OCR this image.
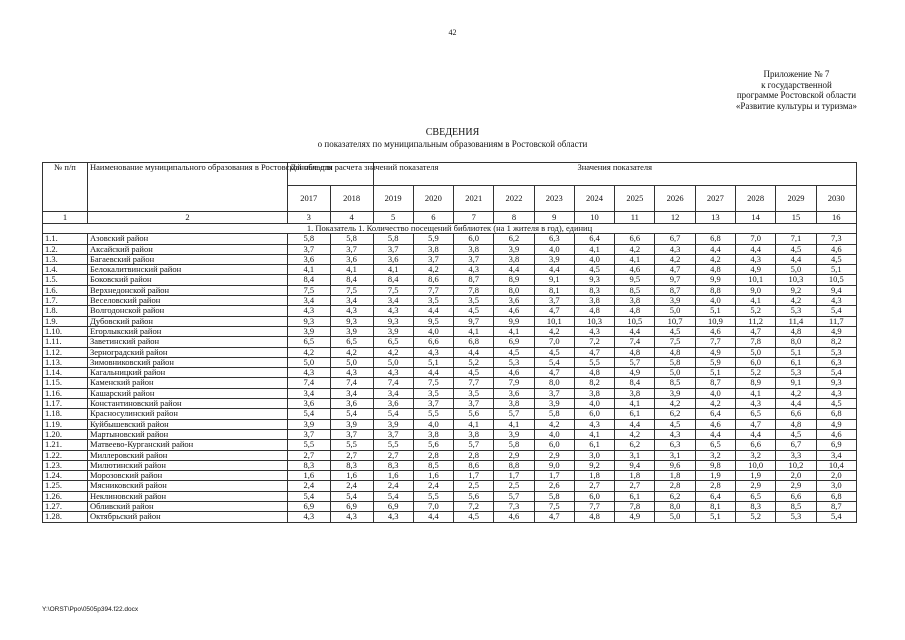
42
Приложение № 7
к государственной
программе Ростовской области
«Развитие культуры и туризма»
СВЕДЕНИЯ
о показателях по муниципальным образованиям в Ростовской области
№ п/п	Наименование муниципального образования в Ростовской области	Данные для расчета значений показателя		Значения показателя											
		2017	2018	2019	2020	2021	2022	2023	2024	2025	2026	2027	2028	2029	2030
1	2	3	4	5	6	7	8	9	10	11	12	13	14	15	16
1. Показатель 1. Количество посещений библиотек (на 1 жителя в год), единиц															
1.1.	Азовский район	5,8	5,8	5,8	5,9	6,0	6,2	6,3	6,4	6,6	6,7	6,8	7,0	7,1	7,3
1.2.	Аксайский район	3,7	3,7	3,7	3,8	3,8	3,9	4,0	4,1	4,2	4,3	4,4	4,4	4,5	4,6
1.3.	Багаевский район	3,6	3,6	3,6	3,7	3,7	3,8	3,9	4,0	4,1	4,2	4,2	4,3	4,4	4,5
1.4.	Белокалитвинский район	4,1	4,1	4,1	4,2	4,3	4,4	4,4	4,5	4,6	4,7	4,8	4,9	5,0	5,1
1.5.	Боковский район	8,4	8,4	8,4	8,6	8,7	8,9	9,1	9,3	9,5	9,7	9,9	10,1	10,3	10,5
1.6.	Верхнедонской район	7,5	7,5	7,5	7,7	7,8	8,0	8,1	8,3	8,5	8,7	8,8	9,0	9,2	9,4
1.7.	Веселовский район	3,4	3,4	3,4	3,5	3,5	3,6	3,7	3,8	3,8	3,9	4,0	4,1	4,2	4,3
1.8.	Волгодонской район	4,3	4,3	4,3	4,4	4,5	4,6	4,7	4,8	4,8	5,0	5,1	5,2	5,3	5,4
1.9.	Дубовский район	9,3	9,3	9,3	9,5	9,7	9,9	10,1	10,3	10,5	10,7	10,9	11,2	11,4	11,7
1.10.	Егорлыкский район	3,9	3,9	3,9	4,0	4,1	4,1	4,2	4,3	4,4	4,5	4,6	4,7	4,8	4,9
1.11.	Заветинский район	6,5	6,5	6,5	6,6	6,8	6,9	7,0	7,2	7,4	7,5	7,7	7,8	8,0	8,2
1.12.	Зерноградский район	4,2	4,2	4,2	4,3	4,4	4,5	4,5	4,7	4,8	4,8	4,9	5,0	5,1	5,3
1.13.	Зимовниковский район	5,0	5,0	5,0	5,1	5,2	5,3	5,4	5,5	5,7	5,8	5,9	6,0	6,1	6,3
1.14.	Кагальницкий район	4,3	4,3	4,3	4,4	4,5	4,6	4,7	4,8	4,9	5,0	5,1	5,2	5,3	5,4
1.15.	Каменский район	7,4	7,4	7,4	7,5	7,7	7,9	8,0	8,2	8,4	8,5	8,7	8,9	9,1	9,3
1.16.	Кашарский район	3,4	3,4	3,4	3,5	3,5	3,6	3,7	3,8	3,8	3,9	4,0	4,1	4,2	4,3
1.17.	Константиновский район	3,6	3,6	3,6	3,7	3,7	3,8	3,9	4,0	4,1	4,2	4,2	4,3	4,4	4,5
1.18.	Красносулинский район	5,4	5,4	5,4	5,5	5,6	5,7	5,8	6,0	6,1	6,2	6,4	6,5	6,6	6,8
1.19.	Куйбышевский район	3,9	3,9	3,9	4,0	4,1	4,1	4,2	4,3	4,4	4,5	4,6	4,7	4,8	4,9
1.20.	Мартыновский район	3,7	3,7	3,7	3,8	3,8	3,9	4,0	4,1	4,2	4,3	4,4	4,4	4,5	4,6
1.21.	Матвеево-Курганский район	5,5	5,5	5,5	5,6	5,7	5,8	6,0	6,1	6,2	6,3	6,5	6,6	6,7	6,9
1.22.	Миллеровский район	2,7	2,7	2,7	2,8	2,8	2,9	2,9	3,0	3,1	3,1	3,2	3,2	3,3	3,4
1.23.	Милютинский район	8,3	8,3	8,3	8,5	8,6	8,8	9,0	9,2	9,4	9,6	9,8	10,0	10,2	10,4
1.24.	Морозовский район	1,6	1,6	1,6	1,6	1,7	1,7	1,7	1,8	1,8	1,8	1,9	1,9	2,0	2,0
1.25.	Мясниковский район	2,4	2,4	2,4	2,4	2,5	2,5	2,6	2,7	2,7	2,8	2,8	2,9	2,9	3,0
1.26.	Неклиновский район	5,4	5,4	5,4	5,5	5,6	5,7	5,8	6,0	6,1	6,2	6,4	6,5	6,6	6,8
1.27.	Обливский район	6,9	6,9	6,9	7,0	7,2	7,3	7,5	7,7	7,8	8,0	8,1	8,3	8,5	8,7
1.28.	Октябрьский район	4,3	4,3	4,3	4,4	4,5	4,6	4,7	4,8	4,9	5,0	5,1	5,2	5,3	5,4
Y:\ORST\Ppo\0505p394.f22.docx
